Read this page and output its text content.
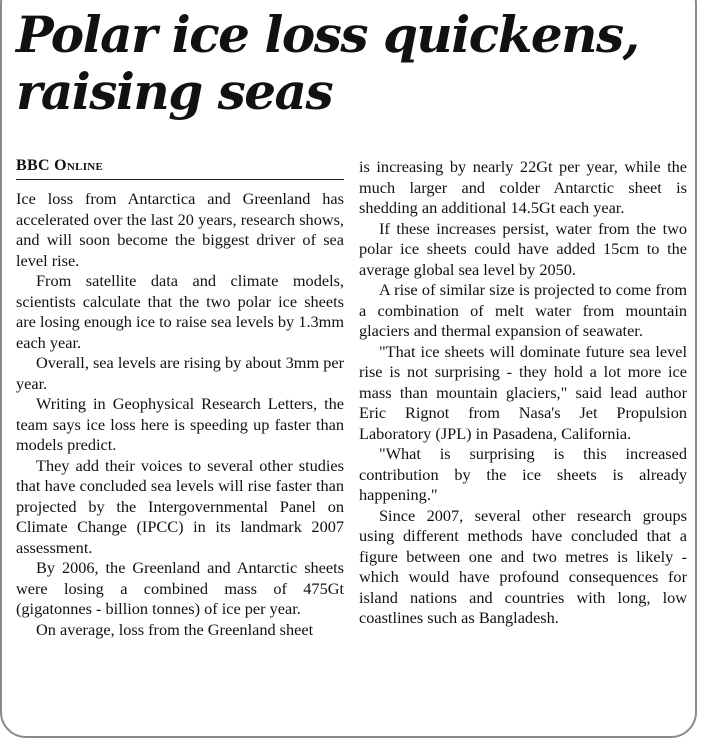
Polar ice loss quickens, raising seas
BBC Online

Ice loss from Antarctica and Greenland has accelerated over the last 20 years, research shows, and will soon become the biggest driver of sea level rise.

From satellite data and climate models, scientists calculate that the two polar ice sheets are losing enough ice to raise sea levels by 1.3mm each year.

Overall, sea levels are rising by about 3mm per year.

Writing in Geophysical Research Letters, the team says ice loss here is speeding up faster than models predict.

They add their voices to several other studies that have concluded sea levels will rise faster than projected by the Intergovernmental Panel on Climate Change (IPCC) in its landmark 2007 assessment.

By 2006, the Greenland and Antarctic sheets were losing a combined mass of 475Gt (gigatonnes - billion tonnes) of ice per year.

On average, loss from the Greenland sheet

is increasing by nearly 22Gt per year, while the much larger and colder Antarctic sheet is shedding an additional 14.5Gt each year.

If these increases persist, water from the two polar ice sheets could have added 15cm to the average global sea level by 2050.

A rise of similar size is projected to come from a combination of melt water from mountain glaciers and thermal expansion of seawater.

"That ice sheets will dominate future sea level rise is not surprising - they hold a lot more ice mass than mountain glaciers," said lead author Eric Rignot from Nasa's Jet Propulsion Laboratory (JPL) in Pasadena, California.

"What is surprising is this increased contribution by the ice sheets is already happening."

Since 2007, several other research groups using different methods have concluded that a figure between one and two metres is likely - which would have profound consequences for island nations and countries with long, low coastlines such as Bangladesh.
